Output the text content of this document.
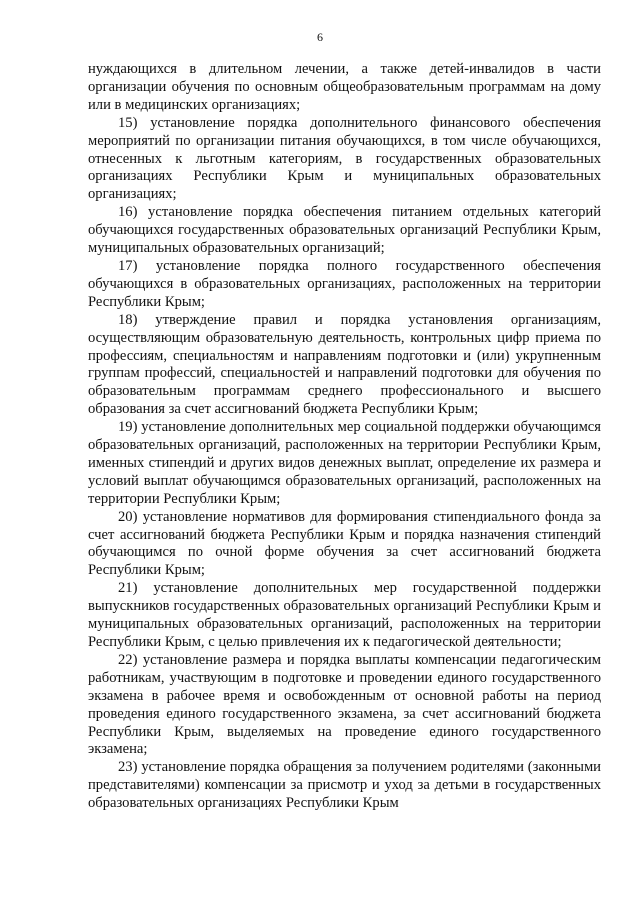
6

нуждающихся в длительном лечении, а также детей-инвалидов в части организации обучения по основным общеобразовательным программам на дому или в медицинских организациях;

15) установление порядка дополнительного финансового обеспечения мероприятий по организации питания обучающихся, в том числе обучающихся, отнесенных к льготным категориям, в государственных образовательных организациях Республики Крым и муниципальных образовательных организациях;

16) установление порядка обеспечения питанием отдельных категорий обучающихся государственных образовательных организаций Республики Крым, муниципальных образовательных организаций;

17) установление порядка полного государственного обеспечения обучающихся в образовательных организациях, расположенных на территории Республики Крым;

18) утверждение правил и порядка установления организациям, осуществляющим образовательную деятельность, контрольных цифр приема по профессиям, специальностям и направлениям подготовки и (или) укрупненным группам профессий, специальностей и направлений подготовки для обучения по образовательным программам среднего профессионального и высшего образования за счет ассигнований бюджета Республики Крым;

19) установление дополнительных мер социальной поддержки обучающимся образовательных организаций, расположенных на территории Республики Крым, именных стипендий и других видов денежных выплат, определение их размера и условий выплат обучающимся образовательных организаций, расположенных на территории Республики Крым;

20) установление нормативов для формирования стипендиального фонда за счет ассигнований бюджета Республики Крым и порядка назначения стипендий обучающимся по очной форме обучения за счет ассигнований бюджета Республики Крым;

21) установление дополнительных мер государственной поддержки выпускников государственных образовательных организаций Республики Крым и муниципальных образовательных организаций, расположенных на территории Республики Крым, с целью привлечения их к педагогической деятельности;

22) установление размера и порядка выплаты компенсации педагогическим работникам, участвующим в подготовке и проведении единого государственного экзамена в рабочее время и освобожденным от основной работы на период проведения единого государственного экзамена, за счет ассигнований бюджета Республики Крым, выделяемых на проведение единого государственного экзамена;

23) установление порядка обращения за получением родителями (законными представителями) компенсации за присмотр и уход за детьми в государственных образовательных организациях Республики Крым
